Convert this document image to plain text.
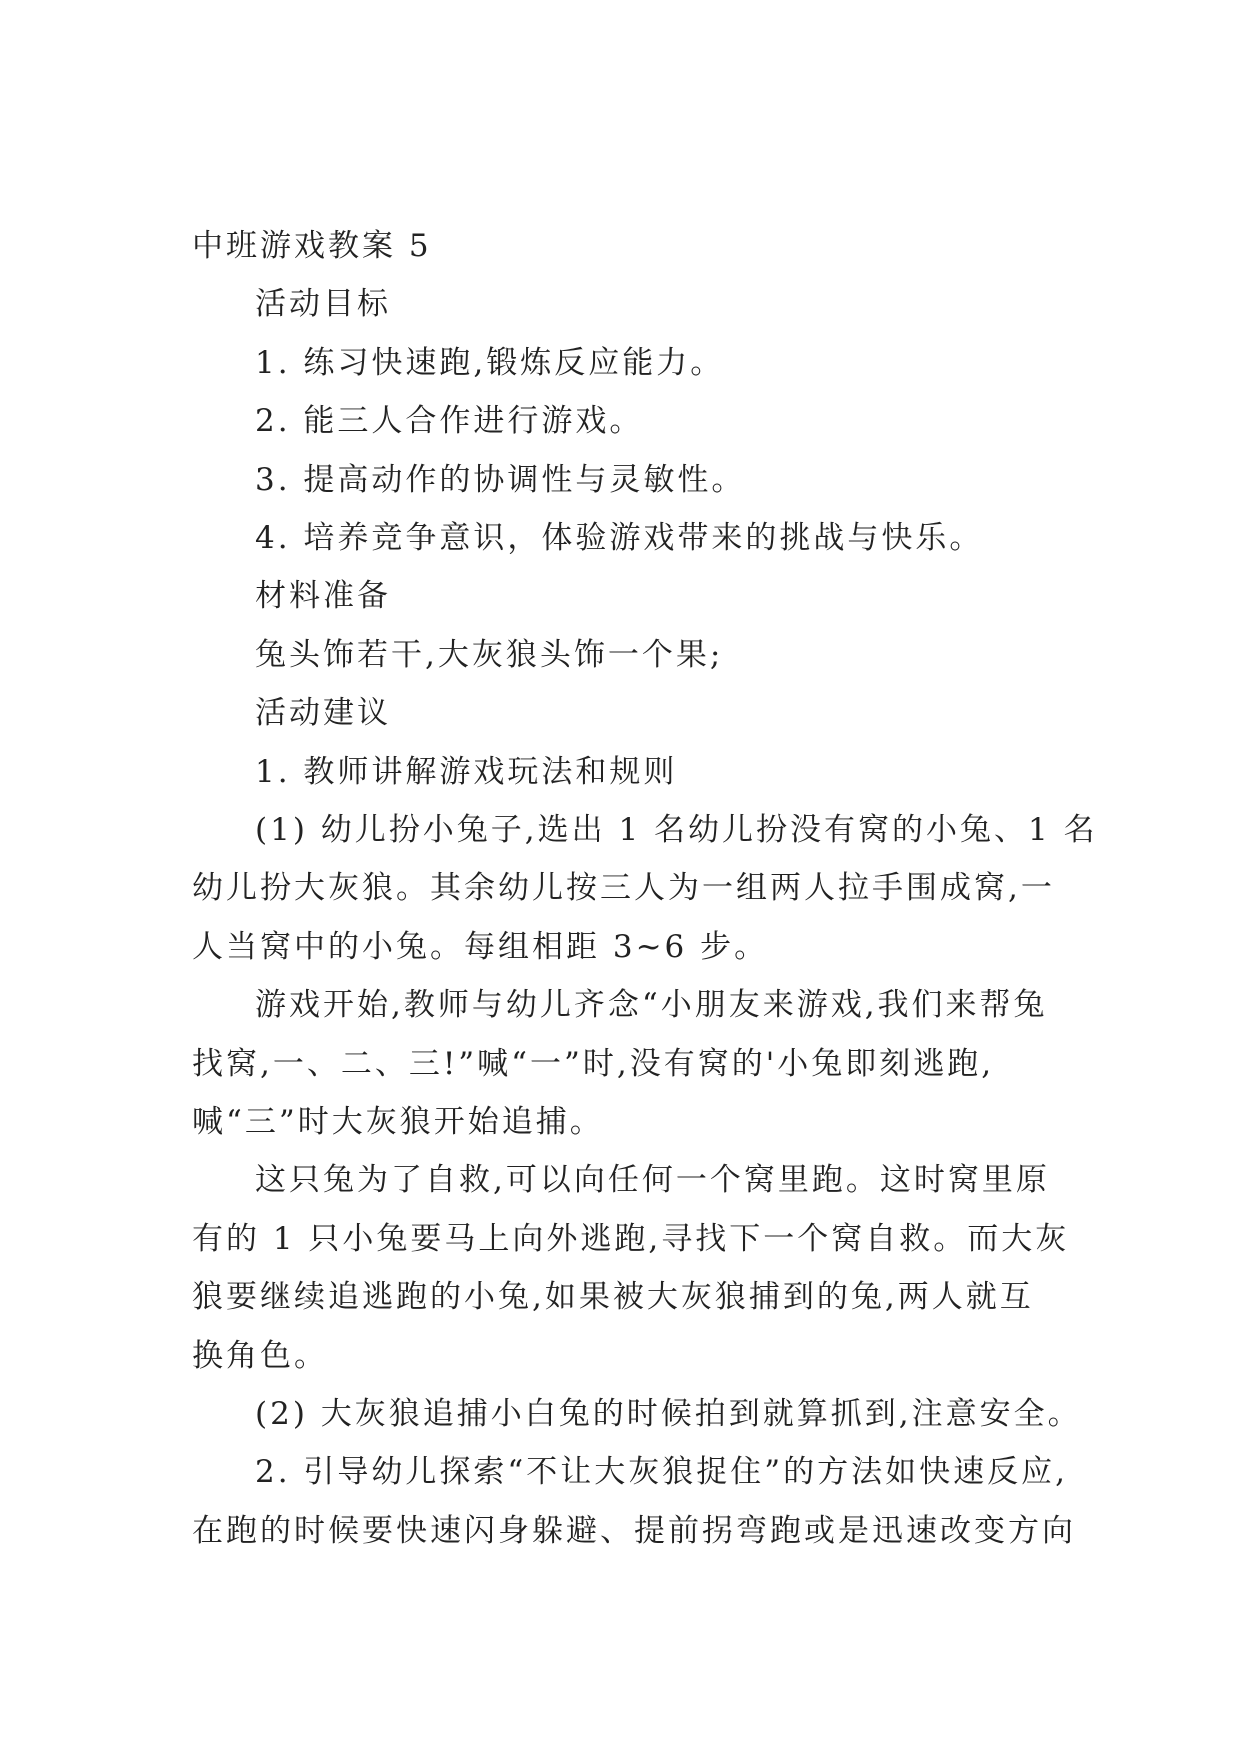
中班游戏教案 5

活动目标

1. 练习快速跑,锻炼反应能力。

2. 能三人合作进行游戏。

3. 提高动作的协调性与灵敏性。

4. 培养竞争意识，体验游戏带来的挑战与快乐。

材料准备

兔头饰若干,大灰狼头饰一个果;

活动建议

1. 教师讲解游戏玩法和规则

(1) 幼儿扮小兔子,选出 1 名幼儿扮没有窝的小兔、1 名

幼儿扮大灰狼。其余幼儿按三人为一组两人拉手围成窝,一

人当窝中的小兔。每组相距 3~6 步。

游戏开始,教师与幼儿齐念“小朋友来游戏,我们来帮兔

找窝,一、二、三!”喊“一”时,没有窝的'小兔即刻逃跑,

喊“三”时大灰狼开始追捕。

这只兔为了自救,可以向任何一个窝里跑。这时窝里原

有的 1 只小兔要马上向外逃跑,寻找下一个窝自救。而大灰

狼要继续追逃跑的小兔,如果被大灰狼捕到的兔,两人就互

换角色。

(2) 大灰狼追捕小白兔的时候拍到就算抓到,注意安全。

2. 引导幼儿探索“不让大灰狼捉住”的方法如快速反应,

在跑的时候要快速闪身躲避、提前拐弯跑或是迅速改变方向
